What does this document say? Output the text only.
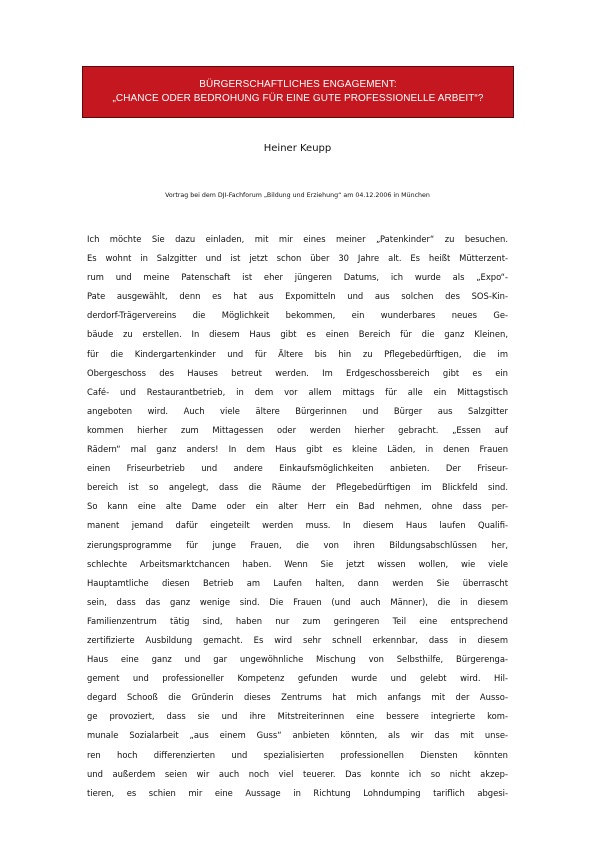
BÜRGERSCHAFTLICHES ENGAGEMENT:
„CHANCE ODER BEDROHUNG FÜR EINE GUTE PROFESSIONELLE ARBEIT“?
Heiner Keupp
Vortrag bei dem DJI-Fachforum „Bildung und Erziehung“ am 04.12.2006 in München
Ich möchte Sie dazu einladen, mit mir eines meiner „Patenkinder“ zu besuchen.
Es wohnt in Salzgitter und ist jetzt schon über 30 Jahre alt. Es heißt Mütterzent-
rum und meine Patenschaft ist eher jüngeren Datums, ich wurde als „Expo“-
Pate ausgewählt, denn es hat aus Expomitteln und aus solchen des SOS-Kin-
derdorf-Trägervereins die Möglichkeit bekommen, ein wunderbares neues Ge-
bäude zu erstellen. In diesem Haus gibt es einen Bereich für die ganz Kleinen,
für die Kindergartenkinder und für Ältere bis hin zu Pflegebedürftigen, die im
Obergeschoss des Hauses betreut werden. Im Erdgeschossbereich gibt es ein
Café- und Restaurantbetrieb, in dem vor allem mittags für alle ein Mittagstisch
angeboten wird. Auch viele ältere Bürgerinnen und Bürger aus Salzgitter
kommen hierher zum Mittagessen oder werden hierher gebracht. „Essen auf
Rädern“ mal ganz anders! In dem Haus gibt es kleine Läden, in denen Frauen
einen Friseurbetrieb und andere Einkaufsmöglichkeiten anbieten. Der Friseur-
bereich ist so angelegt, dass die Räume der Pflegebedürftigen im Blickfeld sind.
So kann eine alte Dame oder ein alter Herr ein Bad nehmen, ohne dass per-
manent jemand dafür eingeteilt werden muss. In diesem Haus laufen Qualifi-
zierungsprogramme für junge Frauen, die von ihren Bildungsabschlüssen her,
schlechte Arbeitsmarktchancen haben. Wenn Sie jetzt wissen wollen, wie viele
Hauptamtliche diesen Betrieb am Laufen halten, dann werden Sie überrascht
sein, dass das ganz wenige sind. Die Frauen (und auch Männer), die in diesem
Familienzentrum tätig sind, haben nur zum geringeren Teil eine entsprechend
zertifizierte Ausbildung gemacht. Es wird sehr schnell erkennbar, dass in diesem
Haus eine ganz und gar ungewöhnliche Mischung von Selbsthilfe, Bürgerenga-
gement und professioneller Kompetenz gefunden wurde und gelebt wird. Hil-
degard Schooß die Gründerin dieses Zentrums hat mich anfangs mit der Ausso-
ge provoziert, dass sie und ihre Mitstreiterinnen eine bessere integrierte kom-
munale Sozialarbeit „aus einem Guss“ anbieten könnten, als wir das mit unse-
ren hoch differenzierten und spezialisierten professionellen Diensten könnten
und außerdem seien wir auch noch viel teuerer. Das konnte ich so nicht akzep-
tieren, es schien mir eine Aussage in Richtung Lohndumping tariflich abgesi-
